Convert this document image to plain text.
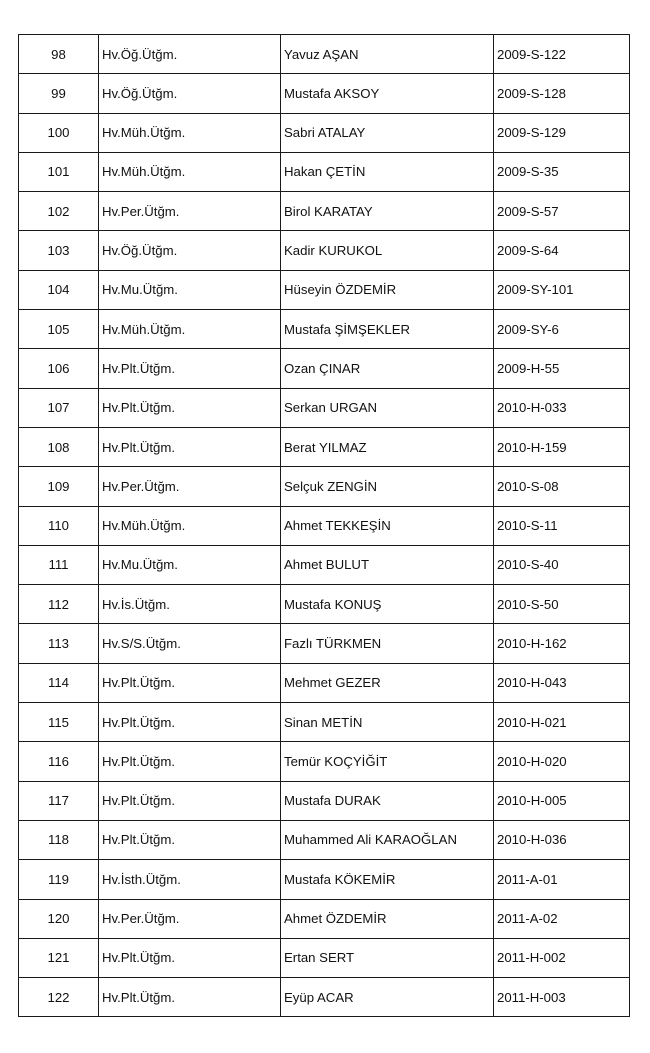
98	Hv.Öğ.Ütğm.	Yavuz AŞAN	2009-S-122
99	Hv.Öğ.Ütğm.	Mustafa AKSOY	2009-S-128
100	Hv.Müh.Ütğm.	Sabri ATALAY	2009-S-129
101	Hv.Müh.Ütğm.	Hakan ÇETİN	2009-S-35
102	Hv.Per.Ütğm.	Birol KARATAY	2009-S-57
103	Hv.Öğ.Ütğm.	Kadir KURUKOL	2009-S-64
104	Hv.Mu.Ütğm.	Hüseyin ÖZDEMİR	2009-SY-101
105	Hv.Müh.Ütğm.	Mustafa ŞİMŞEKLER	2009-SY-6
106	Hv.Plt.Ütğm.	Ozan ÇINAR	2009-H-55
107	Hv.Plt.Ütğm.	Serkan URGAN	2010-H-033
108	Hv.Plt.Ütğm.	Berat YILMAZ	2010-H-159
109	Hv.Per.Ütğm.	Selçuk ZENGİN	2010-S-08
110	Hv.Müh.Ütğm.	Ahmet TEKKEŞİN	2010-S-11
111	Hv.Mu.Ütğm.	Ahmet BULUT	2010-S-40
112	Hv.İs.Ütğm.	Mustafa KONUŞ	2010-S-50
113	Hv.S/S.Ütğm.	Fazlı TÜRKMEN	2010-H-162
114	Hv.Plt.Ütğm.	Mehmet GEZER	2010-H-043
115	Hv.Plt.Ütğm.	Sinan METİN	2010-H-021
116	Hv.Plt.Ütğm.	Temür KOÇYİĞİT	2010-H-020
117	Hv.Plt.Ütğm.	Mustafa DURAK	2010-H-005
118	Hv.Plt.Ütğm.	Muhammed Ali KARAOĞLAN	2010-H-036
119	Hv.İsth.Ütğm.	Mustafa KÖKEMİR	2011-A-01
120	Hv.Per.Ütğm.	Ahmet ÖZDEMİR	2011-A-02
121	Hv.Plt.Ütğm.	Ertan SERT	2011-H-002
122	Hv.Plt.Ütğm.	Eyüp ACAR	2011-H-003
